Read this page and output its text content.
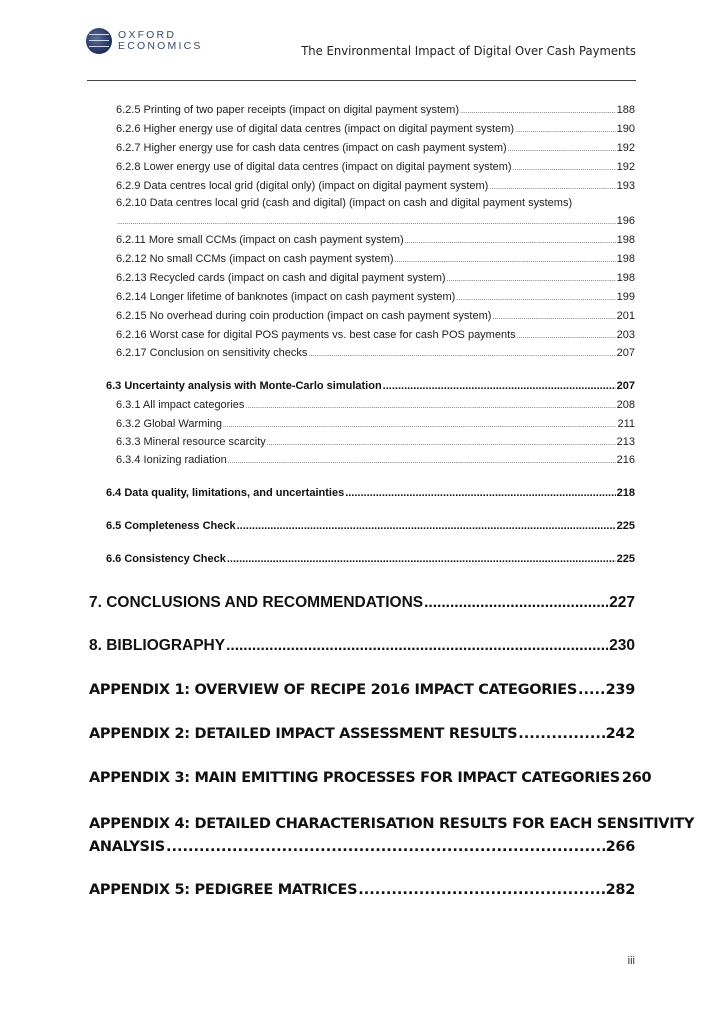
OXFORD
ECONOMICS	The Environmental Impact of Digital Over Cash Payments
6.2.5 Printing of two paper receipts (impact on digital payment system) .....	188
6.2.6 Higher energy use of digital data centres (impact on digital payment system) .....	190
6.2.7 Higher energy use for cash data centres (impact on cash payment system) .....	192
6.2.8 Lower energy use of digital data centres (impact on digital payment system) .....	192
6.2.9 Data centres local grid (digital only) (impact on digital payment system) .....	193
6.2.10 Data centres local grid (cash and digital) (impact on cash and digital payment systems)
.....
196
6.2.11 More small CCMs (impact on cash payment system) .....	198
6.2.12 No small CCMs (impact on cash payment system) .....	198
6.2.13 Recycled cards (impact on cash and digital payment system) .....	198
6.2.14 Longer lifetime of banknotes (impact on cash payment system) .....	199
6.2.15 No overhead during coin production (impact on cash payment system) .....	201
6.2.16 Worst case for digital POS payments vs. best case for cash POS payments .....	203
6.2.17 Conclusion on sensitivity checks .....	207
6.3 Uncertainty analysis with Monte-Carlo simulation .....	207
6.3.1 All impact categories .....	208
6.3.2 Global Warming .....	211
6.3.3 Mineral resource scarcity .....	213
6.3.4 Ionizing radiation .....	216
6.4 Data quality, limitations, and uncertainties .....	218
6.5 Completeness Check .....	225
6.6 Consistency Check .....	225
7. CONCLUSIONS AND RECOMMENDATIONS .....	227
8. BIBLIOGRAPHY .....	230
APPENDIX 1: OVERVIEW OF RECIPE 2016 IMPACT CATEGORIES ..... 239
APPENDIX 2: DETAILED IMPACT ASSESSMENT RESULTS .....	242
APPENDIX 3: MAIN EMITTING PROCESSES FOR IMPACT CATEGORIES 260
APPENDIX 4: DETAILED CHARACTERISATION RESULTS FOR EACH SENSITIVITY
ANALYSIS .....	266
APPENDIX 5: PEDIGREE MATRICES .....	282
iii
